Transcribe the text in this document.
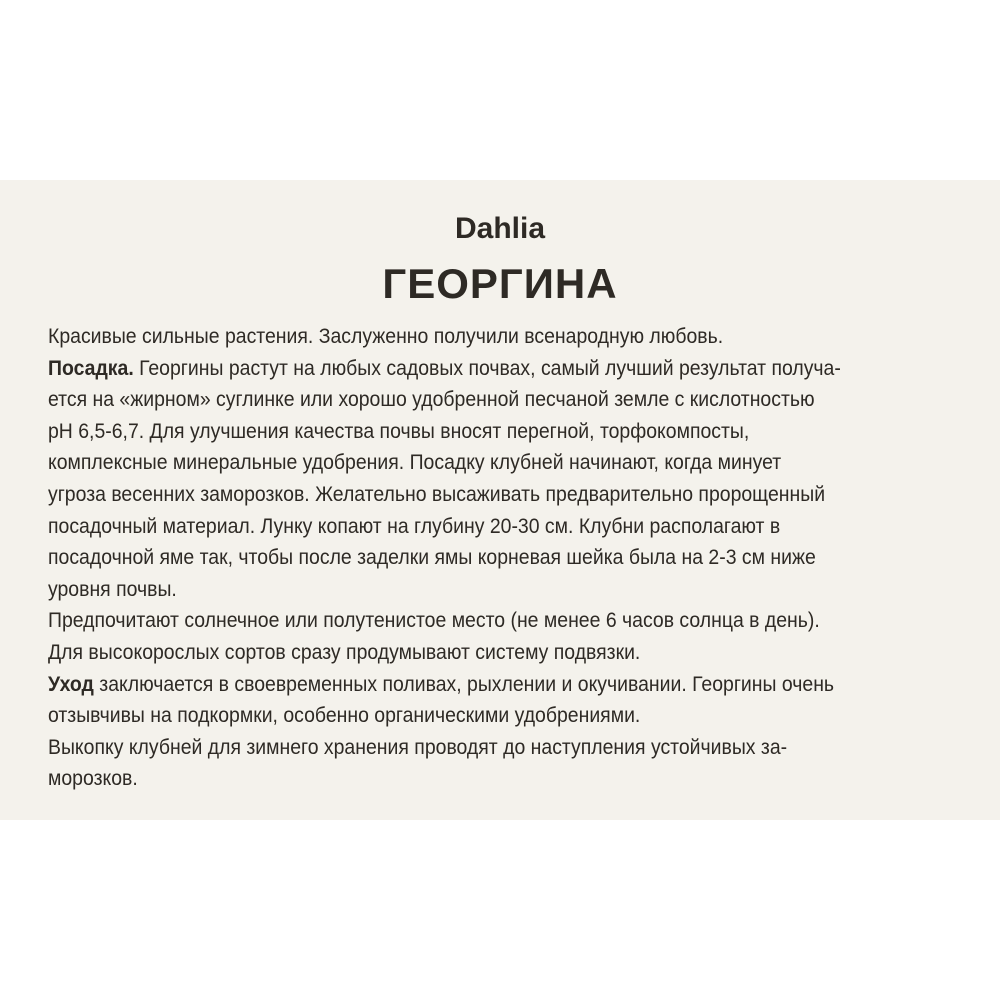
Dahlia
ГЕОРГИНА
Красивые сильные растения. Заслуженно получили всенародную любовь.
Посадка. Георгины растут на любых садовых почвах, самый лучший результат получа-
ется на «жирном» суглинке или хорошо удобренной песчаной земле с кислотностью
pH 6,5-6,7. Для улучшения качества почвы вносят перегной, торфокомпосты,
комплексные минеральные удобрения. Посадку клубней начинают, когда минует
угроза весенних заморозков. Желательно высаживать предварительно пророщенный
посадочный материал. Лунку копают на глубину 20-30 см. Клубни располагают в
посадочной яме так, чтобы после заделки ямы корневая шейка была на 2-3 см ниже
уровня почвы.
Предпочитают солнечное или полутенистое место (не менее 6 часов солнца в день).
Для высокорослых сортов сразу продумывают систему подвязки.
Уход заключается в своевременных поливах, рыхлении и окучивании. Георгины очень
отзывчивы на подкормки, особенно органическими удобрениями.
Выкопку клубней для зимнего хранения проводят до наступления устойчивых за-
морозков.
